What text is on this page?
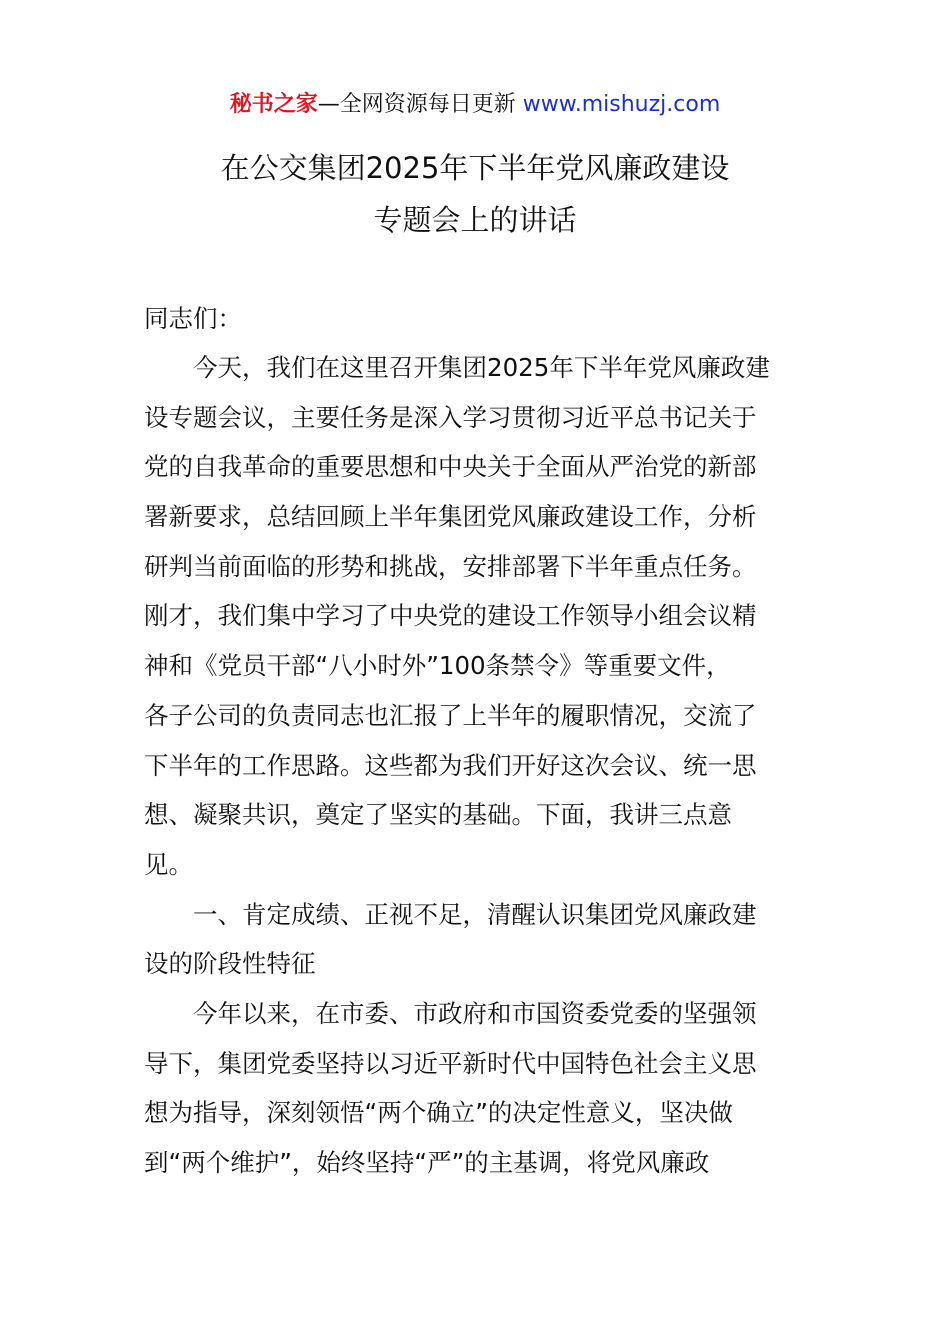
秘书之家—全网资源每日更新 www.mishuzj.com
在公交集团2025年下半年党风廉政建设
专题会上的讲话
同志们：
今天，我们在这里召开集团2025年下半年党风廉政建
设专题会议，主要任务是深入学习贯彻习近平总书记关于
党的自我革命的重要思想和中央关于全面从严治党的新部
署新要求，总结回顾上半年集团党风廉政建设工作，分析
研判当前面临的形势和挑战，安排部署下半年重点任务。
刚才，我们集中学习了中央党的建设工作领导小组会议精
神和《党员干部“八小时外”100条禁令》等重要文件，
各子公司的负责同志也汇报了上半年的履职情况，交流了
下半年的工作思路。这些都为我们开好这次会议、统一思
想、凝聚共识，奠定了坚实的基础。下面，我讲三点意
见。
一、肯定成绩、正视不足，清醒认识集团党风廉政建
设的阶段性特征
今年以来，在市委、市政府和市国资委党委的坚强领
导下，集团党委坚持以习近平新时代中国特色社会主义思
想为指导，深刻领悟“两个确立”的决定性意义，坚决做
到“两个维护”，始终坚持“严”的主基调，将党风廉政
